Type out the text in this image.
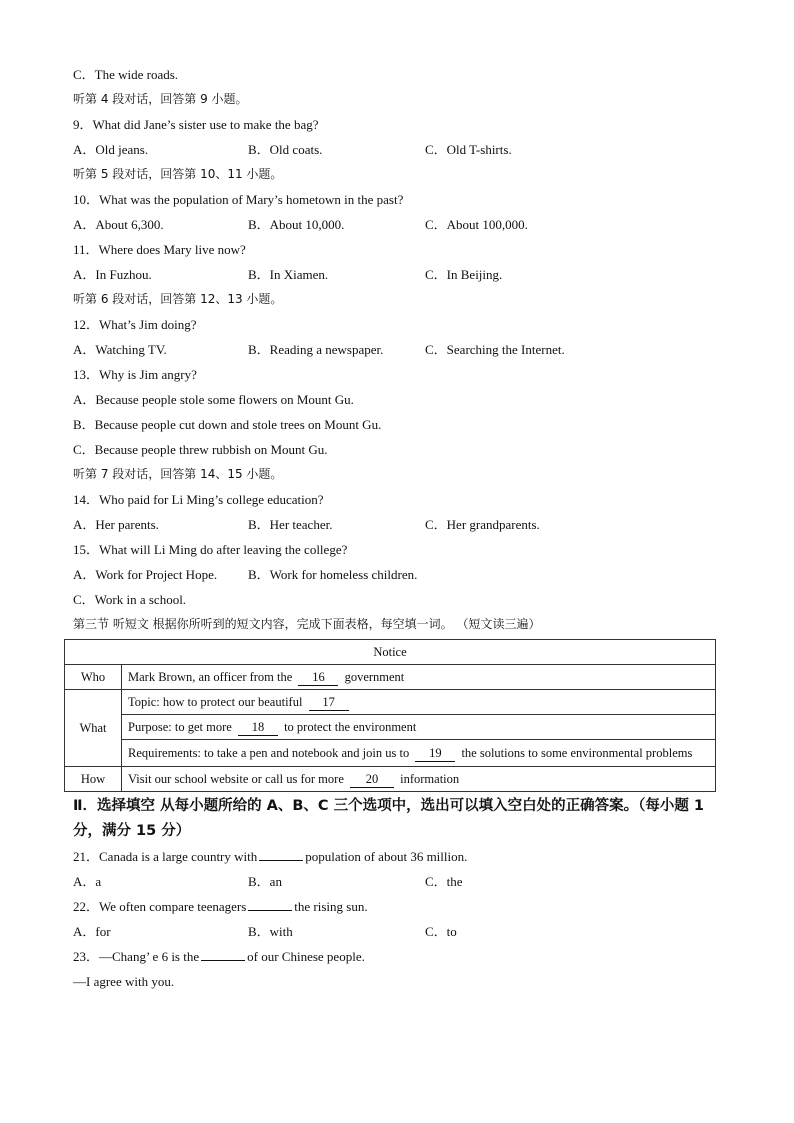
C．The wide roads.
听第 4 段对话，回答第 9 小题。
9．What did Jane’s sister use to make the bag?
A．Old jeans.	B．Old coats.	C．Old T-shirts.
听第 5 段对话，回答第 10、11 小题。
10．What was the population of Mary’s hometown in the past?
A．About 6,300.	B．About 10,000.	C．About 100,000.
11．Where does Mary live now?
A．In Fuzhou.	B．In Xiamen.	C．In Beijing.
听第 6 段对话，回答第 12、13 小题。
12．What’s Jim doing?
A．Watching TV.	B．Reading a newspaper.	C．Searching the Internet.
13．Why is Jim angry?
A．Because people stole some flowers on Mount Gu.
B．Because people cut down and stole trees on Mount Gu.
C．Because people threw rubbish on Mount Gu.
听第 7 段对话，回答第 14、15 小题。
14．Who paid for Li Ming’s college education?
A．Her parents.	B．Her teacher.	C．Her grandparents.
15．What will Li Ming do after leaving the college?
A．Work for Project Hope. B．Work for homeless children.
C．Work in a school.
第三节 听短文 根据你所听到的短文内容，完成下面表格，每空填一词。 （短文读三遍）
Notice	
Who	Mark Brown, an officer from the 16 government
What	Topic: how to protect our beautiful 17
	Purpose: to get more 18 to protect the environment
	Requirements: to take a pen and notebook and join us to 19 the solutions to some environmental problems
How	Visit our school website or call us for more 20 information
Ⅱ．选择填空 从每小题所给的 A、B、C 三个选项中，选出可以填入空白处的正确答案。（每小题 1 分，满分 15 分）
21．Canada is a large country with	population of about 36 million.
A．a	B．an	C．the
22．We often compare teenagers	the rising sun.
A．for	B．with	C．to
23．—Chang’ e 6 is the	of our Chinese people.
—I agree with you.
